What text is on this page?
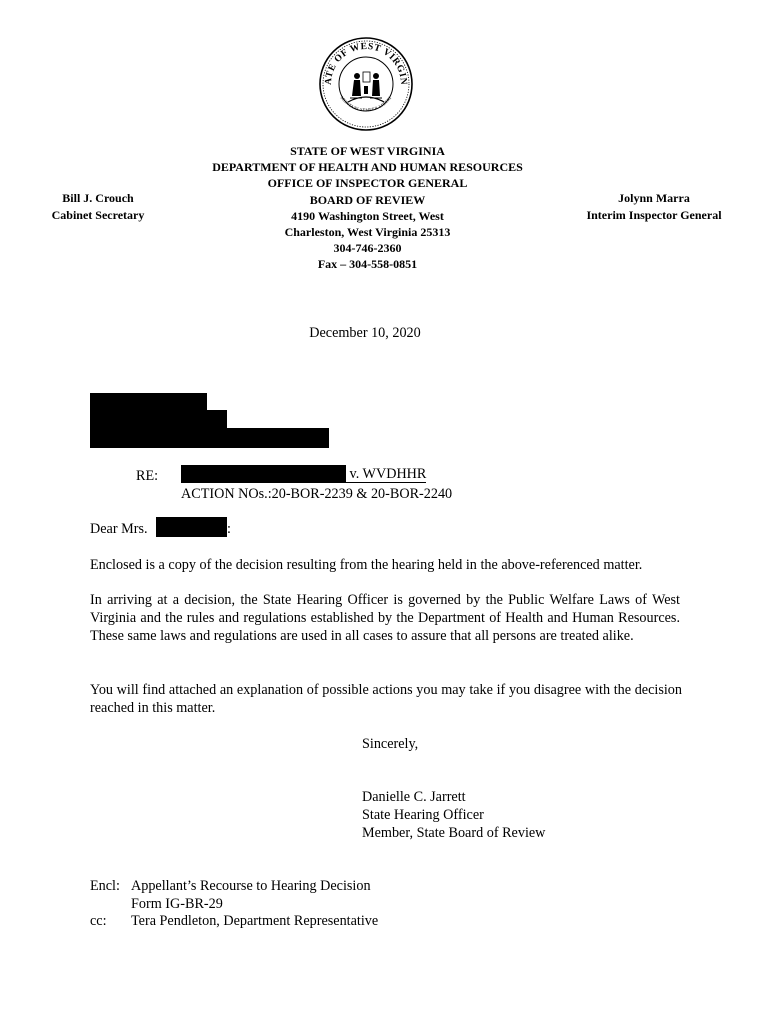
ATE OF WEST VIRGIN
MONTANI SEMPER LIBERI
STATE OF WEST VIRGINIA
DEPARTMENT OF HEALTH AND HUMAN RESOURCES
OFFICE OF INSPECTOR GENERAL
BOARD OF REVIEW
4190 Washington Street, West
Charleston, West Virginia 25313
304-746-2360
Fax – 304-558-0851
Bill J. Crouch
Cabinet Secretary
Jolynn Marra
Interim Inspector General
December 10, 2020
RE:	v. WVDHHR
ACTION NOs.:20-BOR-2239 & 20-BOR-2240
Dear Mrs.	:
Enclosed is a copy of the decision resulting from the hearing held in the above-referenced matter.
In arriving at a decision, the State Hearing Officer is governed by the Public Welfare Laws of West Virginia and the rules and regulations established by the Department of Health and Human Resources. These same laws and regulations are used in all cases to assure that all persons are treated alike.
You will find attached an explanation of possible actions you may take if you disagree with the decision reached in this matter.
Sincerely,
Danielle C. Jarrett
State Hearing Officer
Member, State Board of Review
Encl: Appellant’s Recourse to Hearing Decision
Form IG-BR-29
cc: Tera Pendleton, Department Representative
